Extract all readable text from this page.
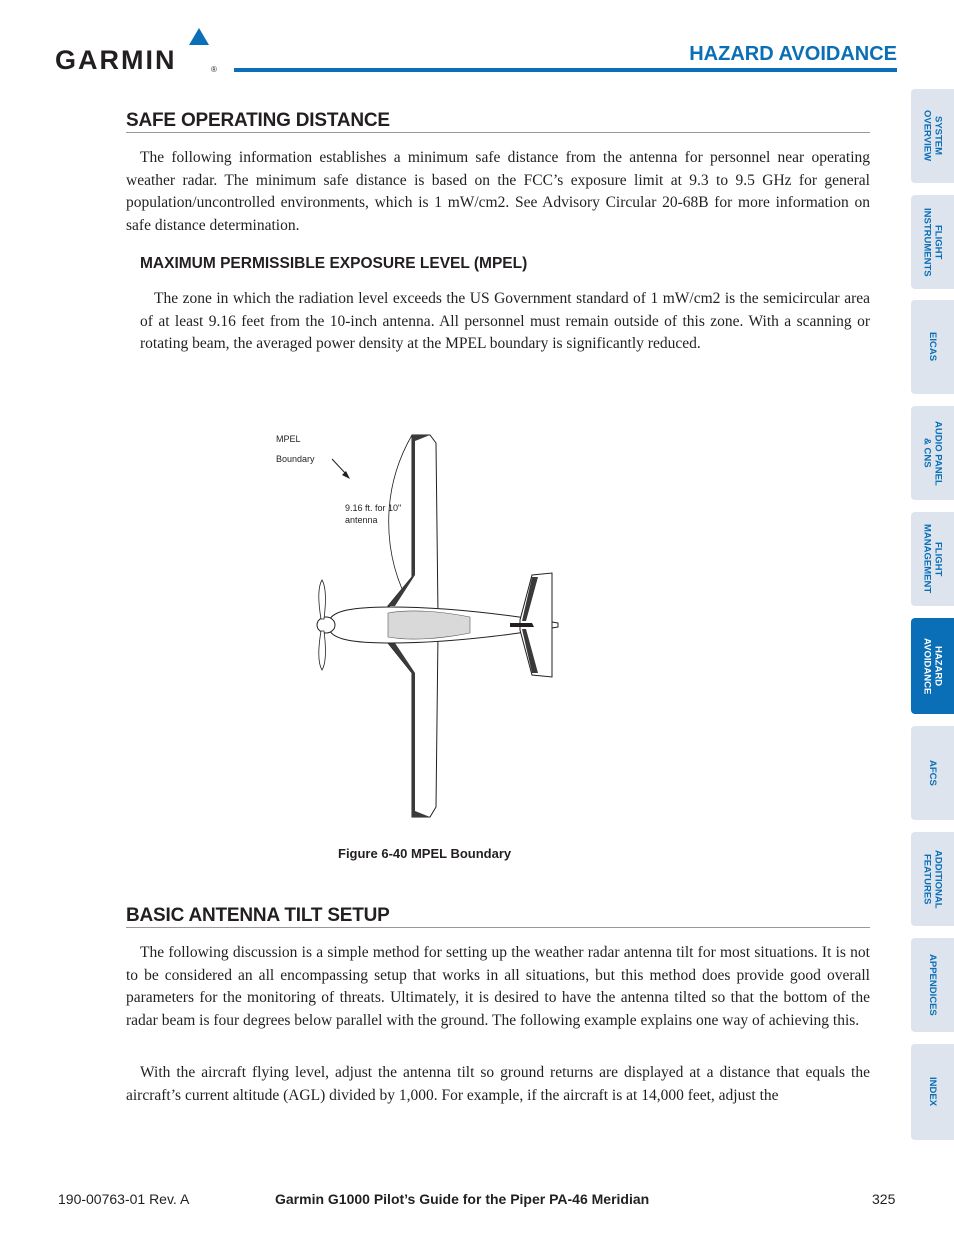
GARMIN	®
HAZARD AVOIDANCE
SAFE OPERATING DISTANCE

The following information establishes a minimum safe distance from the antenna for personnel near operating weather radar. The minimum safe distance is based on the FCC’s exposure limit at 9.3 to 9.5 GHz for general population/uncontrolled environments, which is 1 mW/cm2. See Advisory Circular 20-68B for more information on safe distance determination.

MAXIMUM PERMISSIBLE EXPOSURE LEVEL (MPEL)

The zone in which the radiation level exceeds the US Government standard of 1 mW/cm2 is the semicircular area of at least 9.16 feet from the 10-inch antenna. All personnel must remain outside of this zone. With a scanning or rotating beam, the averaged power density at the MPEL boundary is significantly reduced.

MPEL
Boundary
9.16 ft. for 10"
antenna

Figure 6-40 MPEL Boundary

BASIC ANTENNA TILT SETUP

The following discussion is a simple method for setting up the weather radar antenna tilt for most situations. It is not to be considered an all encompassing setup that works in all situations, but this method does provide good overall parameters for the monitoring of threats. Ultimately, it is desired to have the antenna tilted so that the bottom of the radar beam is four degrees below parallel with the ground. The following example explains one way of achieving this.

With the aircraft flying level, adjust the antenna tilt so ground returns are displayed at a distance that equals the aircraft’s current altitude (AGL) divided by 1,000. For example, if the aircraft is at 14,000 feet, adjust the

190-00763-01 Rev. A	Garmin G1000 Pilot’s Guide for the Piper PA-46 Meridian	325
SYSTEM
OVERVIEW
FLIGHT
INSTRUMENTS
EICAS
AUDIO PANEL
& CNS
FLIGHT
MANAGEMENT
HAZARD
AVOIDANCE
AFCS
ADDITIONAL
FEATURES
APPENDICES
INDEX
